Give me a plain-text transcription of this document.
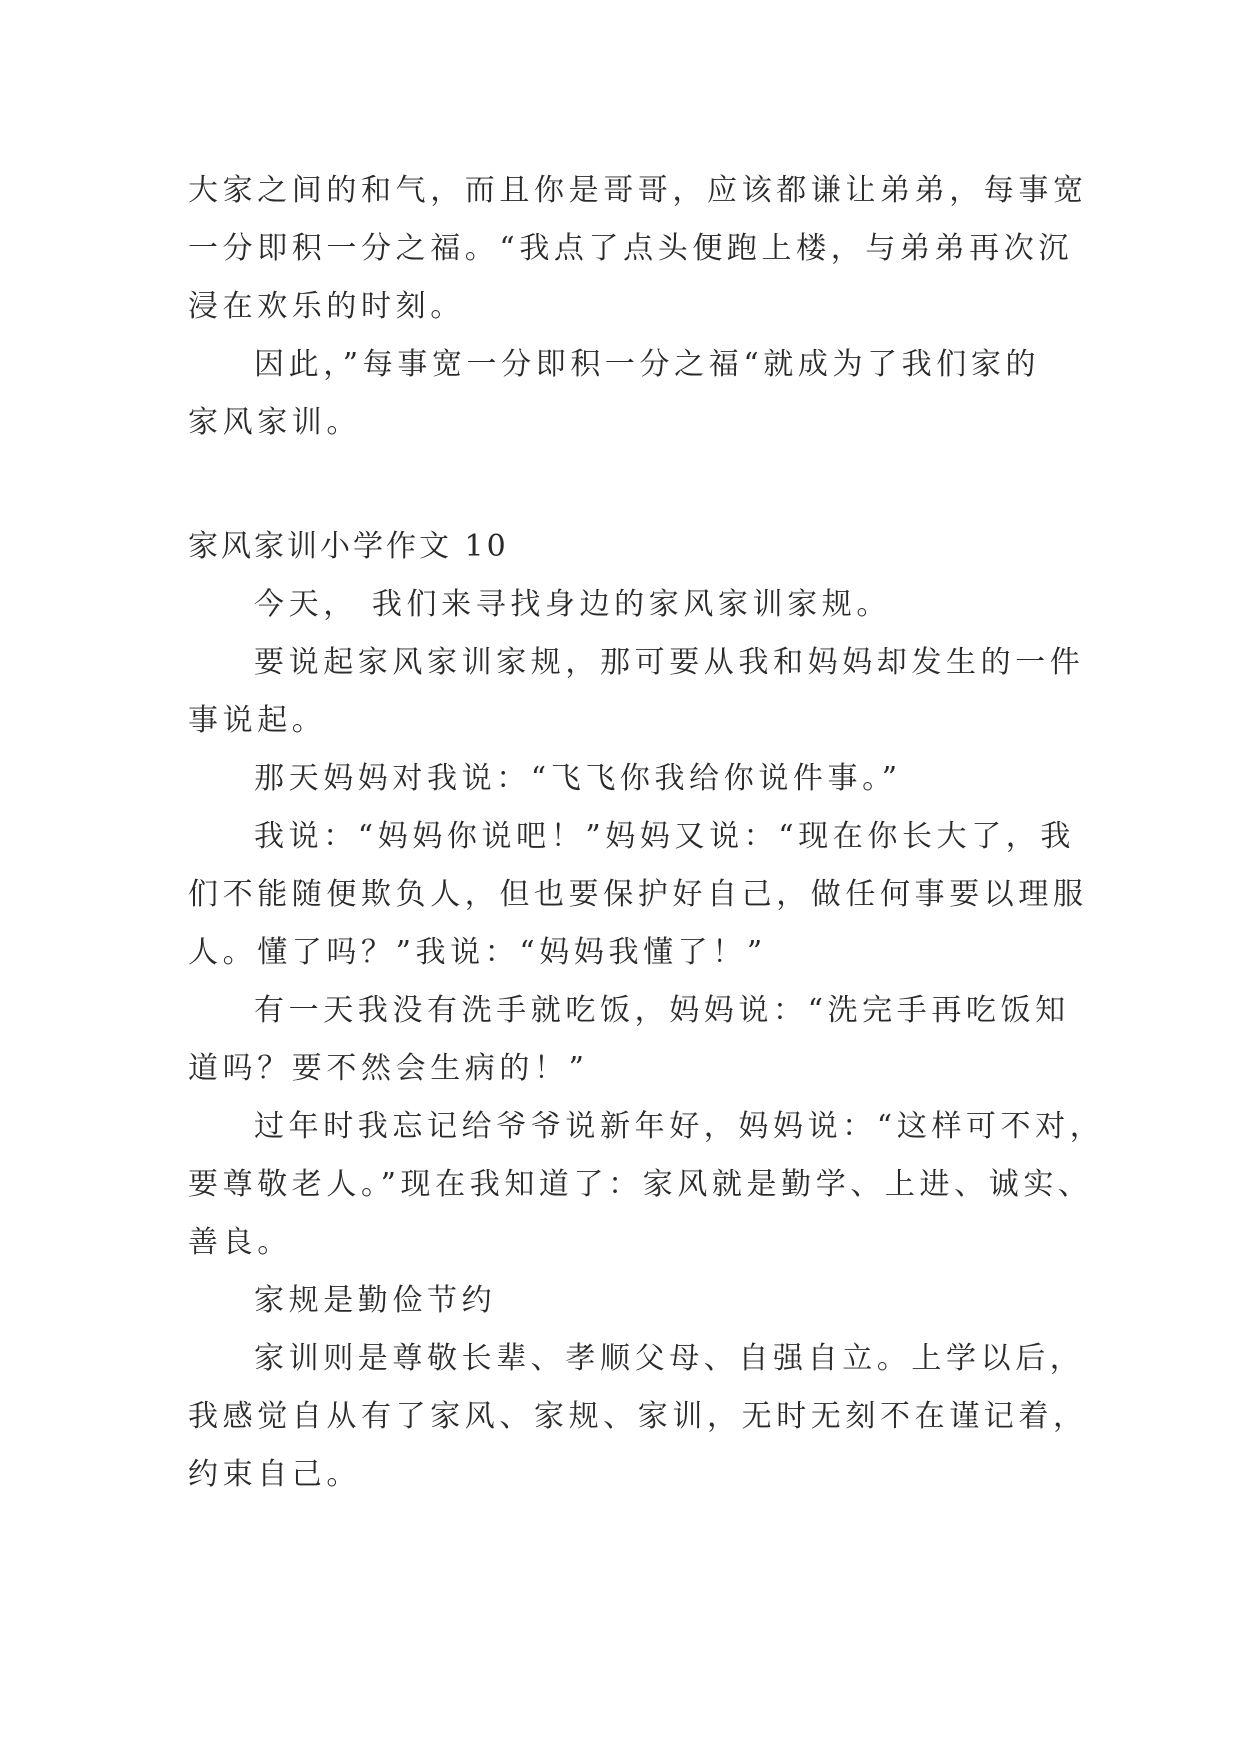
大家之间的和气，而且你是哥哥，应该都谦让弟弟，每事宽
一分即积一分之福。“我点了点头便跑上楼，与弟弟再次沉
浸在欢乐的时刻。
因此，”每事宽一分即积一分之福“就成为了我们家的
家风家训。
家风家训小学作文 10
今天， 我们来寻找身边的家风家训家规。
要说起家风家训家规，那可要从我和妈妈却发生的一件
事说起。
那天妈妈对我说：“飞飞你我给你说件事。”
我说：“妈妈你说吧！”妈妈又说：“现在你长大了，我
们不能随便欺负人，但也要保护好自己，做任何事要以理服
人。懂了吗？”我说：“妈妈我懂了！”
有一天我没有洗手就吃饭，妈妈说：“洗完手再吃饭知
道吗？要不然会生病的！”
过年时我忘记给爷爷说新年好，妈妈说：“这样可不对，
要尊敬老人。”现在我知道了：家风就是勤学、上进、诚实、
善良。
家规是勤俭节约
家训则是尊敬长辈、孝顺父母、自强自立。上学以后，
我感觉自从有了家风、家规、家训，无时无刻不在谨记着，
约束自己。
